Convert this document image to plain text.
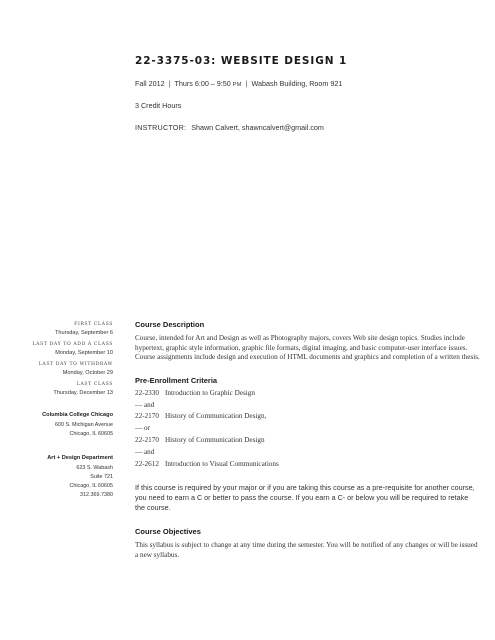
22-3375-03: WEBSITE DESIGN 1
Fall 2012 | Thurs 6:00 – 9:50 PM | Wabash Building, Room 921
3 Credit Hours
INSTRUCTOR: Shawn Calvert, shawncalvert@gmail.com
FIRST CLASS
Thursday, September 6
LAST DAY TO ADD A CLASS
Monday, September 10
LAST DAY TO WITHDRAW
Monday, October 29
LAST CLASS
Thursday, December 13
Columbia College Chicago
600 S. Michigan Avenue
Chicago, IL 60605
Art + Design Department
623 S. Wabash
Suite 721
Chicago, IL 60605
312.369.7380
Course Description

Course, intended for Art and Design as well as Photography majors, covers Web site design topics. Studies include hypertext, graphic style information, graphic file formats, digital imaging, and basic computer-user interface issues. Course assignments include design and execution of HTML documents and graphics and completion of a written thesis.

Pre-Enrollment Criteria
22-2330 Introduction to Graphic Design
— and
22-2170 History of Communication Design,
— or
22-2170 History of Communication Design
— and
22-2612 Introduction to Visual Communications

If this course is required by your major or if you are taking this course as a pre-requisite for another course, you need to earn a C or better to pass the course. If you earn a C- or below you will be required to retake the course.

Course Objectives

This syllabus is subject to change at any time during the semester. You will be notified of any changes or will be issued a new syllabus.
